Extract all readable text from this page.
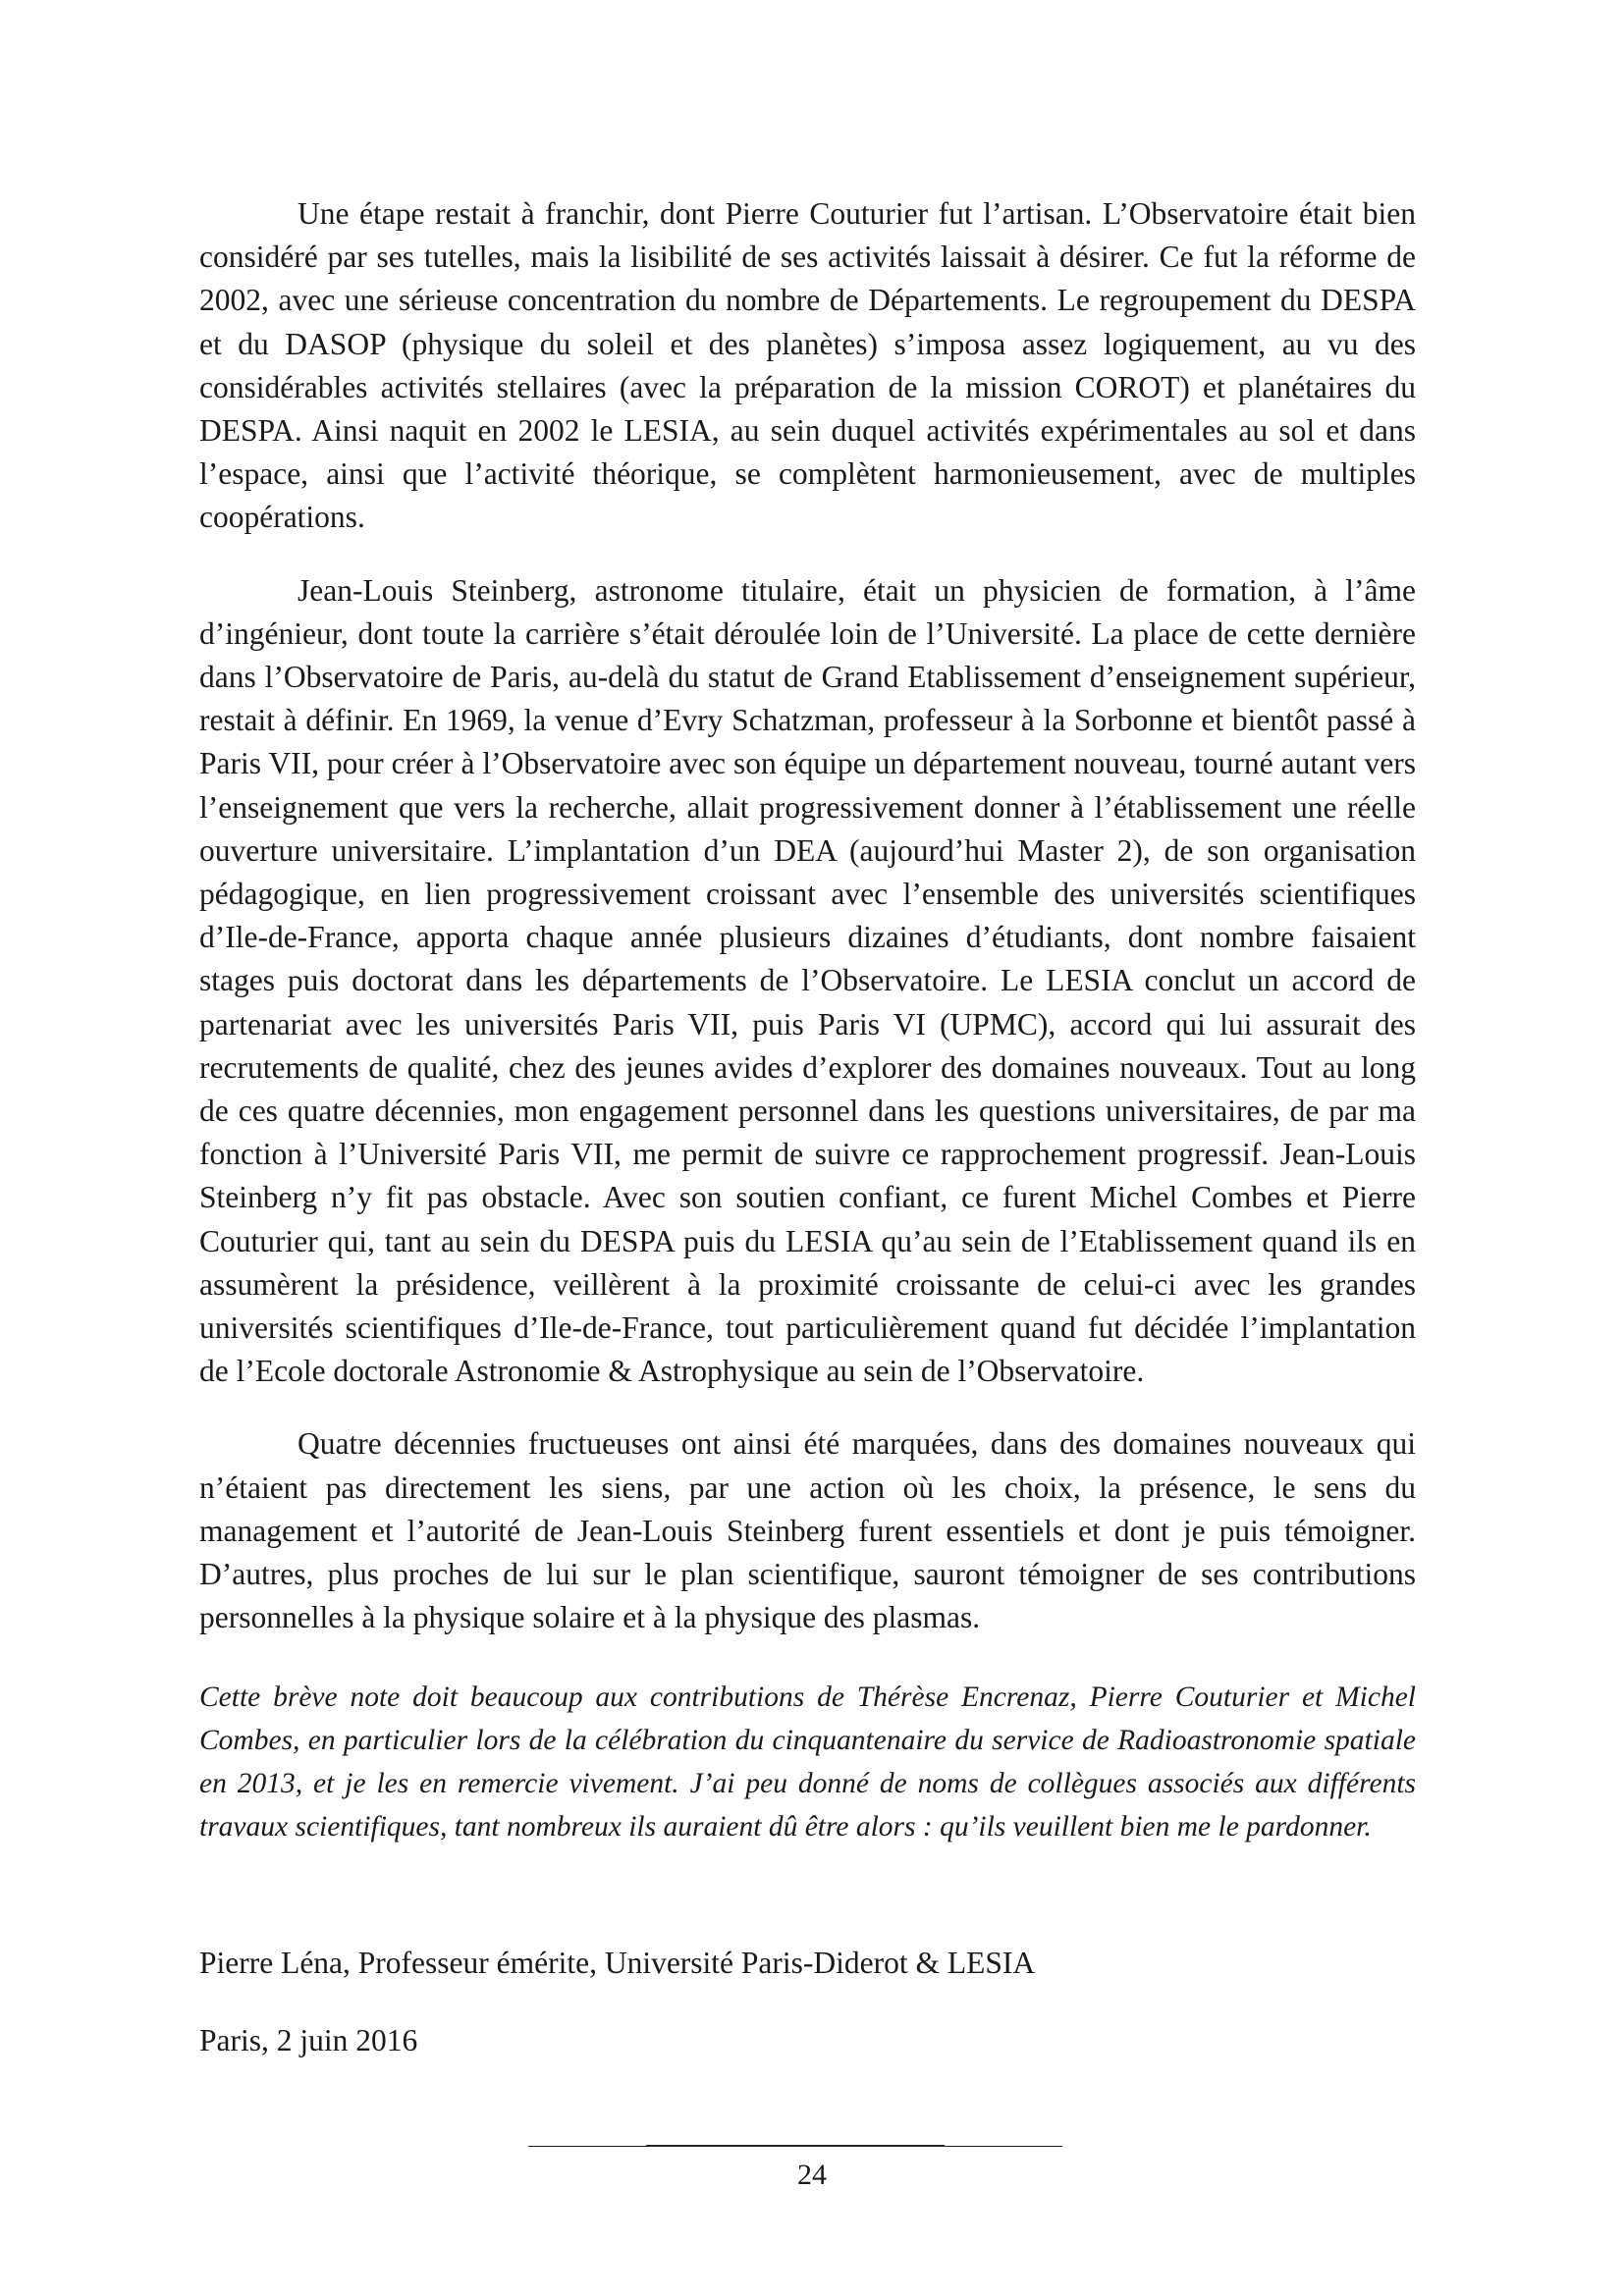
Une étape restait à franchir, dont Pierre Couturier fut l’artisan. L’Observatoire était bien considéré par ses tutelles, mais la lisibilité de ses activités laissait à désirer. Ce fut la réforme de 2002, avec une sérieuse concentration du nombre de Départements. Le regroupement du DESPA et du DASOP (physique du soleil et des planètes) s’imposa assez logiquement, au vu des considérables activités stellaires (avec la préparation de la mission COROT) et planétaires du DESPA. Ainsi naquit en 2002 le LESIA, au sein duquel activités expérimentales au sol et dans l’espace, ainsi que l’activité théorique, se complètent harmonieusement, avec de multiples coopérations.

Jean-Louis Steinberg, astronome titulaire, était un physicien de formation, à l’âme d’ingénieur, dont toute la carrière s’était déroulée loin de l’Université. La place de cette dernière dans l’Observatoire de Paris, au-delà du statut de Grand Etablissement d’enseignement supérieur, restait à définir. En 1969, la venue d’Evry Schatzman, professeur à la Sorbonne et bientôt passé à Paris VII, pour créer à l’Observatoire avec son équipe un département nouveau, tourné autant vers l’enseignement que vers la recherche, allait progressivement donner à l’établissement une réelle ouverture universitaire. L’implantation d’un DEA (aujourd’hui Master 2), de son organisation pédagogique, en lien progressivement croissant avec l’ensemble des universités scientifiques d’Ile-de-France, apporta chaque année plusieurs dizaines d’étudiants, dont nombre faisaient stages puis doctorat dans les départements de l’Observatoire. Le LESIA conclut un accord de partenariat avec les universités Paris VII, puis Paris VI (UPMC), accord qui lui assurait des recrutements de qualité, chez des jeunes avides d’explorer des domaines nouveaux. Tout au long de ces quatre décennies, mon engagement personnel dans les questions universitaires, de par ma fonction à l’Université Paris VII, me permit de suivre ce rapprochement progressif. Jean-Louis Steinberg n’y fit pas obstacle. Avec son soutien confiant, ce furent Michel Combes et Pierre Couturier qui, tant au sein du DESPA puis du LESIA qu’au sein de l’Etablissement quand ils en assumèrent la présidence, veillèrent à la proximité croissante de celui-ci avec les grandes universités scientifiques d’Ile-de-France, tout particulièrement quand fut décidée l’implantation de l’Ecole doctorale Astronomie & Astrophysique au sein de l’Observatoire.

Quatre décennies fructueuses ont ainsi été marquées, dans des domaines nouveaux qui n’étaient pas directement les siens, par une action où les choix, la présence, le sens du management et l’autorité de Jean-Louis Steinberg furent essentiels et dont je puis témoigner. D’autres, plus proches de lui sur le plan scientifique, sauront témoigner de ses contributions personnelles à la physique solaire et à la physique des plasmas.

Cette brève note doit beaucoup aux contributions de Thérèse Encrenaz, Pierre Couturier et Michel Combes, en particulier lors de la célébration du cinquantenaire du service de Radioastronomie spatiale en 2013, et je les en remercie vivement. J’ai peu donné de noms de collègues associés aux différents travaux scientifiques, tant nombreux ils auraient dû être alors : qu’ils veuillent bien me le pardonner.

Pierre Léna, Professeur émérite, Université Paris-Diderot & LESIA

Paris, 2 juin 2016

24
